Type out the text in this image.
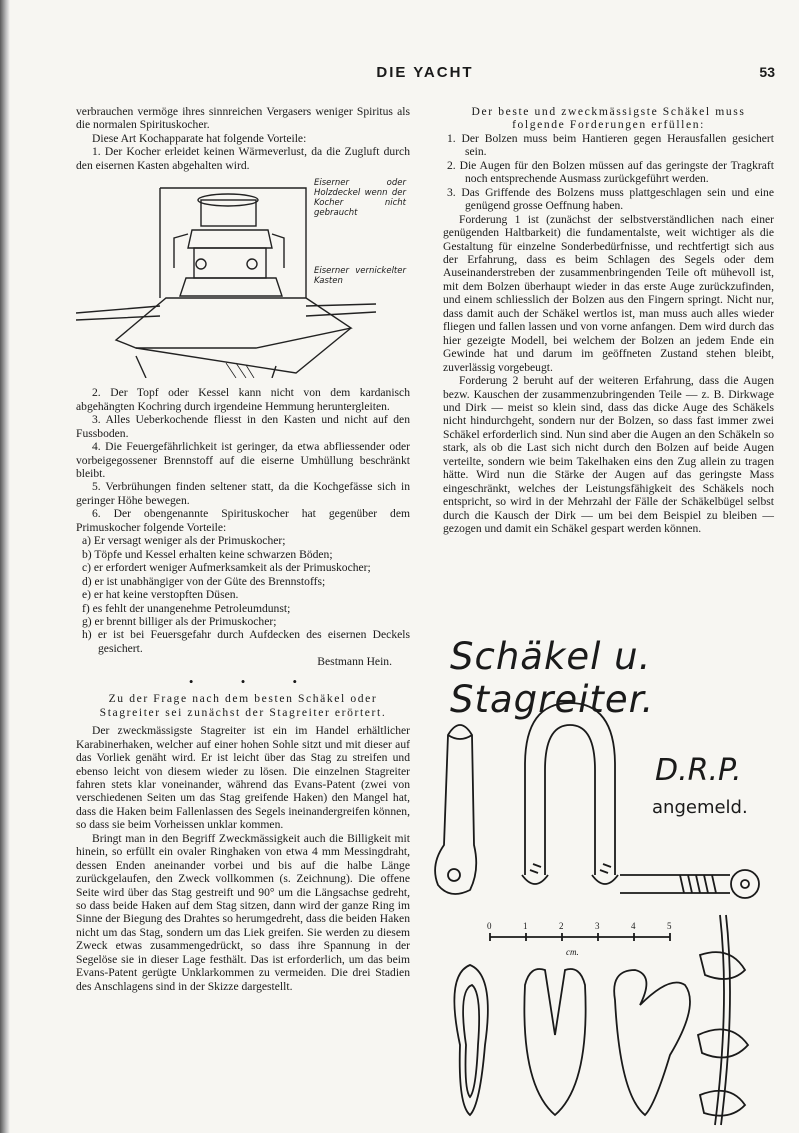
DIE YACHT	53

verbrauchen vermöge ihres sinnreichen Vergasers weniger Spiritus als die normalen Spirituskocher.

Diese Art Kochapparate hat folgende Vorteile:

1. Der Kocher erleidet keinen Wärmeverlust, da die Zugluft durch den eisernen Kasten abgehalten wird.

Eiserner oder Holzdeckel wenn der Kocher nicht gebraucht
Eiserner vernickelter Kasten

2. Der Topf oder Kessel kann nicht von dem kardanisch abgehängten Kochring durch irgendeine Hemmung heruntergleiten.

3. Alles Ueberkochende fliesst in den Kasten und nicht auf den Fussboden.

4. Die Feuergefährlichkeit ist geringer, da etwa abfliessender oder vorbeigegossener Brennstoff auf die eiserne Umhüllung beschränkt bleibt.

5. Verbrühungen finden seltener statt, da die Kochgefässe sich in geringer Höhe bewegen.

6. Der obengenannte Spirituskocher hat gegenüber dem Primuskocher folgende Vorteile:

a) Er versagt weniger als der Primuskocher;

b) Töpfe und Kessel erhalten keine schwarzen Böden;

c) er erfordert weniger Aufmerksamkeit als der Primuskocher;

d) er ist unabhängiger von der Güte des Brennstoffs;

e) er hat keine verstopften Düsen.

f) es fehlt der unangenehme Petroleumdunst;

g) er brennt billiger als der Primuskocher;

h) er ist bei Feuersgefahr durch Aufdecken des eisernen Deckels gesichert.

Bestmann Hein.

• • •

Zu der Frage nach dem besten Schäkel oder Stagreiter sei zunächst der Stagreiter erörtert.

Der zweckmässigste Stagreiter ist ein im Handel erhältlicher Karabinerhaken, welcher auf einer hohen Sohle sitzt und mit dieser auf das Vorliek genäht wird. Er ist leicht über das Stag zu streifen und ebenso leicht von diesem wieder zu lösen. Die einzelnen Stagreiter fahren stets klar voneinander, während das Evans-Patent (zwei von verschiedenen Seiten um das Stag greifende Haken) den Mangel hat, dass die Haken beim Fallenlassen des Segels ineinandergreifen können, so dass sie beim Vorheissen unklar kommen.

Bringt man in den Begriff Zweckmässigkeit auch die Billigkeit mit hinein, so erfüllt ein ovaler Ringhaken von etwa 4 mm Messingdraht, dessen Enden aneinander vorbei und bis auf die halbe Länge zurückgelaufen, den Zweck vollkommen (s. Zeichnung). Die offene Seite wird über das Stag gestreift und 90° um die Längsachse gedreht, so dass beide Haken auf dem Stag sitzen, dann wird der ganze Ring im Sinne der Biegung des Drahtes so herumgedreht, dass die beiden Haken nicht um das Stag, sondern um das Liek greifen. Sie werden zu diesem Zweck etwas zusammengedrückt, so dass ihre Spannung in der Segelöse sie in dieser Lage festhält. Das ist erforderlich, um das beim Evans-Patent gerügte Unklarkommen zu vermeiden. Die drei Stadien des Anschlagens sind in der Skizze dargestellt.

Der beste und zweckmässigste Schäkel muss folgende Forderungen erfüllen:

1. Der Bolzen muss beim Hantieren gegen Herausfallen gesichert sein.

2. Die Augen für den Bolzen müssen auf das geringste der Tragkraft noch entsprechende Ausmass zurückgeführt werden.

3. Das Griffende des Bolzens muss plattgeschlagen sein und eine genügend grosse Oeffnung haben.

Forderung 1 ist (zunächst der selbstverständlichen nach einer genügenden Haltbarkeit) die fundamentalste, weit wichtiger als die Gestaltung für einzelne Sonderbedürfnisse, und rechtfertigt sich aus der Erfahrung, dass es beim Schlagen des Segels oder dem Auseinanderstreben der zusammenbringenden Teile oft mühevoll ist, mit dem Bolzen überhaupt wieder in das erste Auge zurückzufinden, und einem schliesslich der Bolzen aus den Fingern springt. Nicht nur, dass damit auch der Schäkel wertlos ist, man muss auch alles wieder fliegen und fallen lassen und von vorne anfangen. Dem wird durch das hier gezeigte Modell, bei welchem der Bolzen an jedem Ende ein Gewinde hat und darum im geöffneten Zustand stehen bleibt, zuverlässig vorgebeugt.

Forderung 2 beruht auf der weiteren Erfahrung, dass die Augen bezw. Kauschen der zusammenzubringenden Teile — z. B. Dirkwage und Dirk — meist so klein sind, dass das dicke Auge des Schäkels nicht hindurchgeht, sondern nur der Bolzen, so dass fast immer zwei Schäkel erforderlich sind. Nun sind aber die Augen an den Schäkeln so stark, als ob die Last sich nicht durch den Bolzen auf beide Augen verteilte, sondern wie beim Takelhaken eins den Zug allein zu tragen hätte. Wird nun die Stärke der Augen auf das geringste Mass eingeschränkt, welches der Leistungsfähigkeit des Schäkels noch entspricht, so wird in der Mehrzahl der Fälle der Schäkelbügel selbst durch die Kausch der Dirk — um bei dem Beispiel zu bleiben — gezogen und damit ein Schäkel gespart werden können.

Schäkel u. Stagreiter.
D.R.P.
angemeld.
0	1	2	3	4	5
cm.
